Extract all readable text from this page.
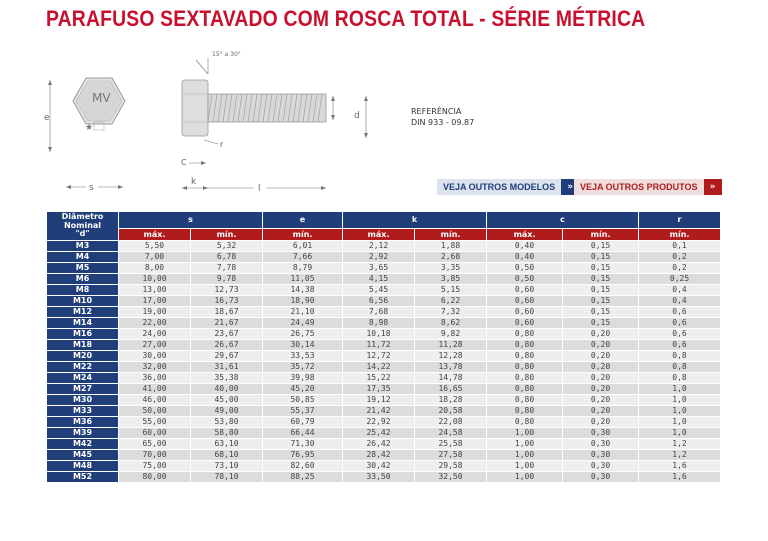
PARAFUSO SEXTAVADO COM ROSCA TOTAL - SÉRIE MÉTRICA
MV
★
e
s
15° a 30°
d
r
C
k
l
REFERÊNCIA
DIN 933 - 09.87
VEJA OUTROS MODELOS	» VEJA OUTROS PRODUTOS	»
Diâmetro
Nominal
"d"	s		e	k		c		r
	máx.	mín.	mín.	máx.	mín.	máx.	mín.	mín.
M3	5,50	5,32	6,01	2,12	1,88	0,40	0,15	0,1
M4	7,00	6,78	7,66	2,92	2,68	0,40	0,15	0,2
M5	8,00	7,78	8,79	3,65	3,35	0,50	0,15	0,2
M6	10,00	9,78	11,05	4,15	3,85	0,50	0,15	0,25
M8	13,00	12,73	14,38	5,45	5,15	0,60	0,15	0,4
M10	17,00	16,73	18,90	6,56	6,22	0,60	0,15	0,4
M12	19,00	18,67	21,10	7,68	7,32	0,60	0,15	0,6
M14	22,00	21,67	24,49	8,98	8,62	0,60	0,15	0,6
M16	24,00	23,67	26,75	10,18	9,82	0,80	0,20	0,6
M18	27,00	26,67	30,14	11,72	11,28	0,80	0,20	0,6
M20	30,00	29,67	33,53	12,72	12,28	0,80	0,20	0,8
M22	32,00	31,61	35,72	14,22	13,78	0,80	0,20	0,8
M24	36,00	35,38	39,98	15,22	14,78	0,80	0,20	0,8
M27	41,00	40,00	45,20	17,35	16,65	0,80	0,20	1,0
M30	46,00	45,00	50,85	19,12	18,28	0,80	0,20	1,0
M33	50,00	49,00	55,37	21,42	20,58	0,80	0,20	1,0
M36	55,00	53,80	60,79	22,92	22,08	0,80	0,20	1,0
M39	60,00	58,80	66,44	25,42	24,58	1,00	0,30	1,0
M42	65,00	63,10	71,30	26,42	25,58	1,00	0,30	1,2
M45	70,00	68,10	76,95	28,42	27,58	1,00	0,30	1,2
M48	75,00	73,10	82,60	30,42	29,58	1,00	0,30	1,6
M52	80,00	78,10	88,25	33,50	32,50	1,00	0,30	1,6
